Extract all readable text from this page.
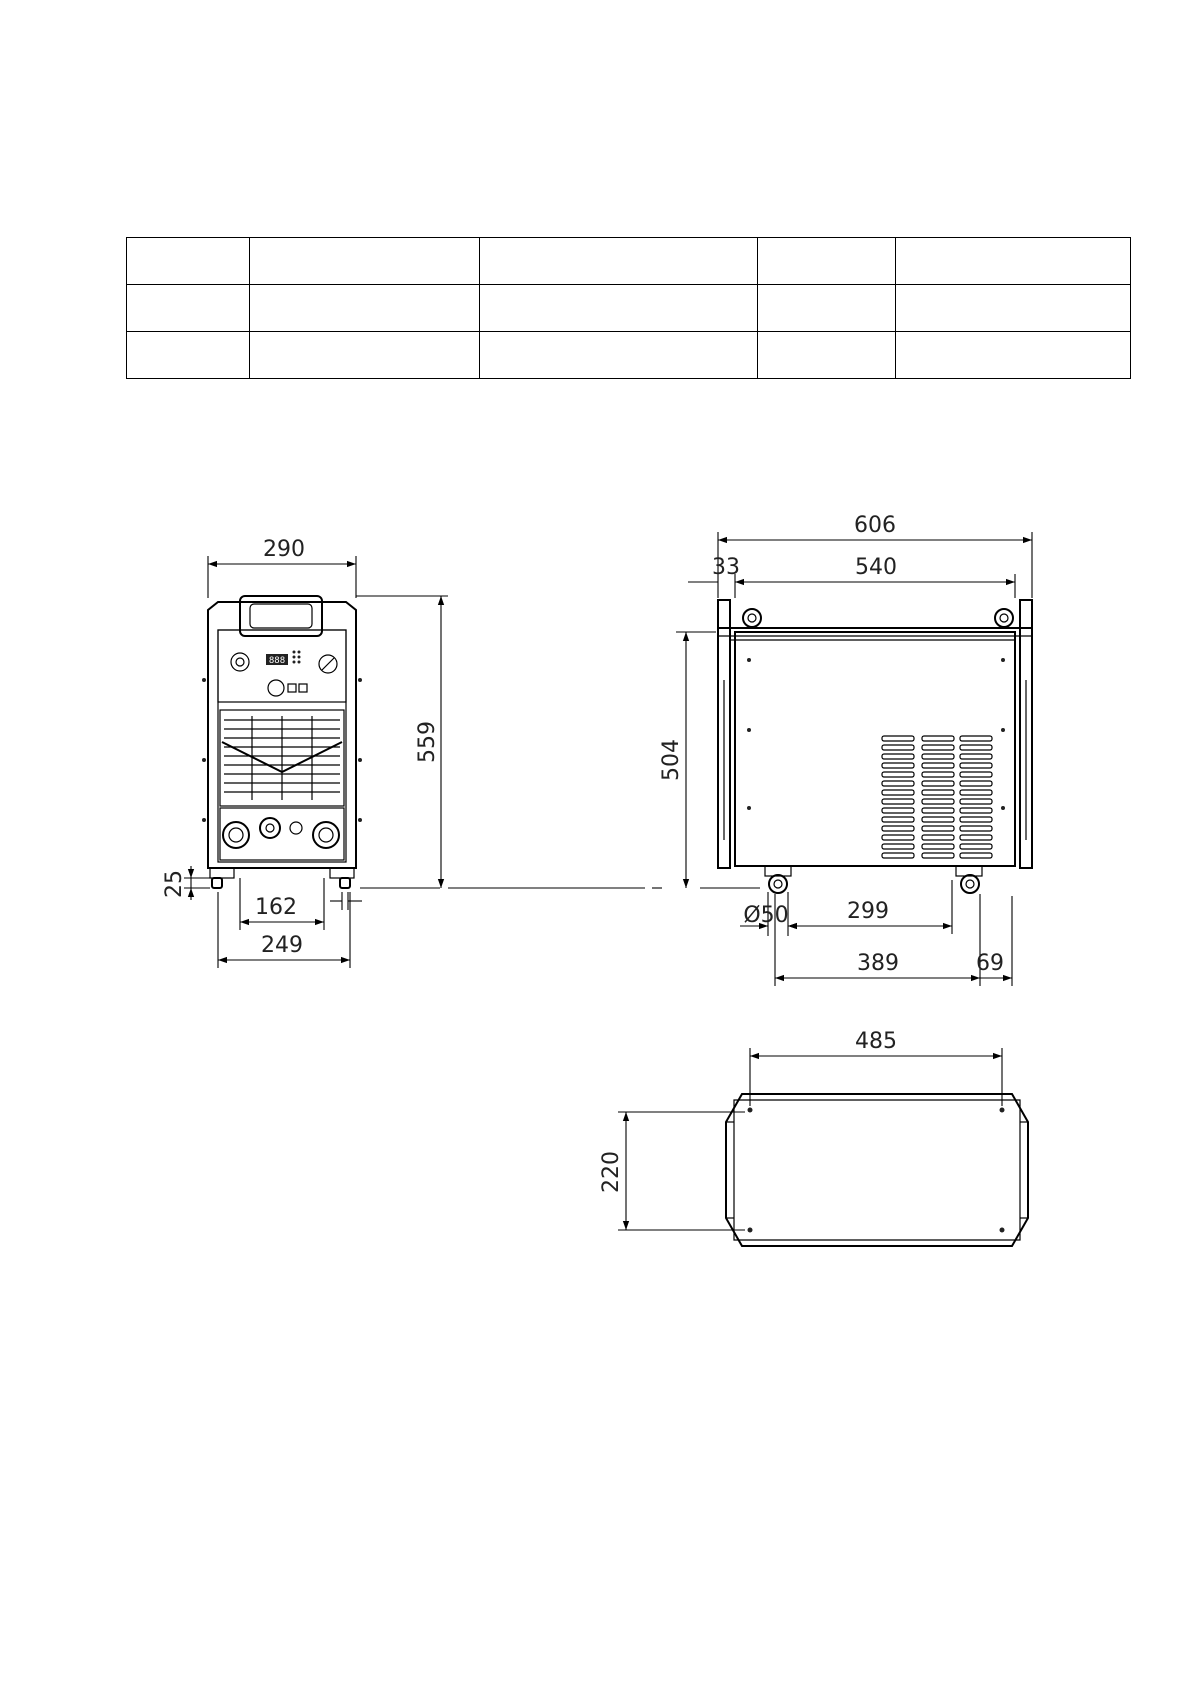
888
290
559
25
162
249
606
540
33
504
Ø50	299
389	69
485
220
